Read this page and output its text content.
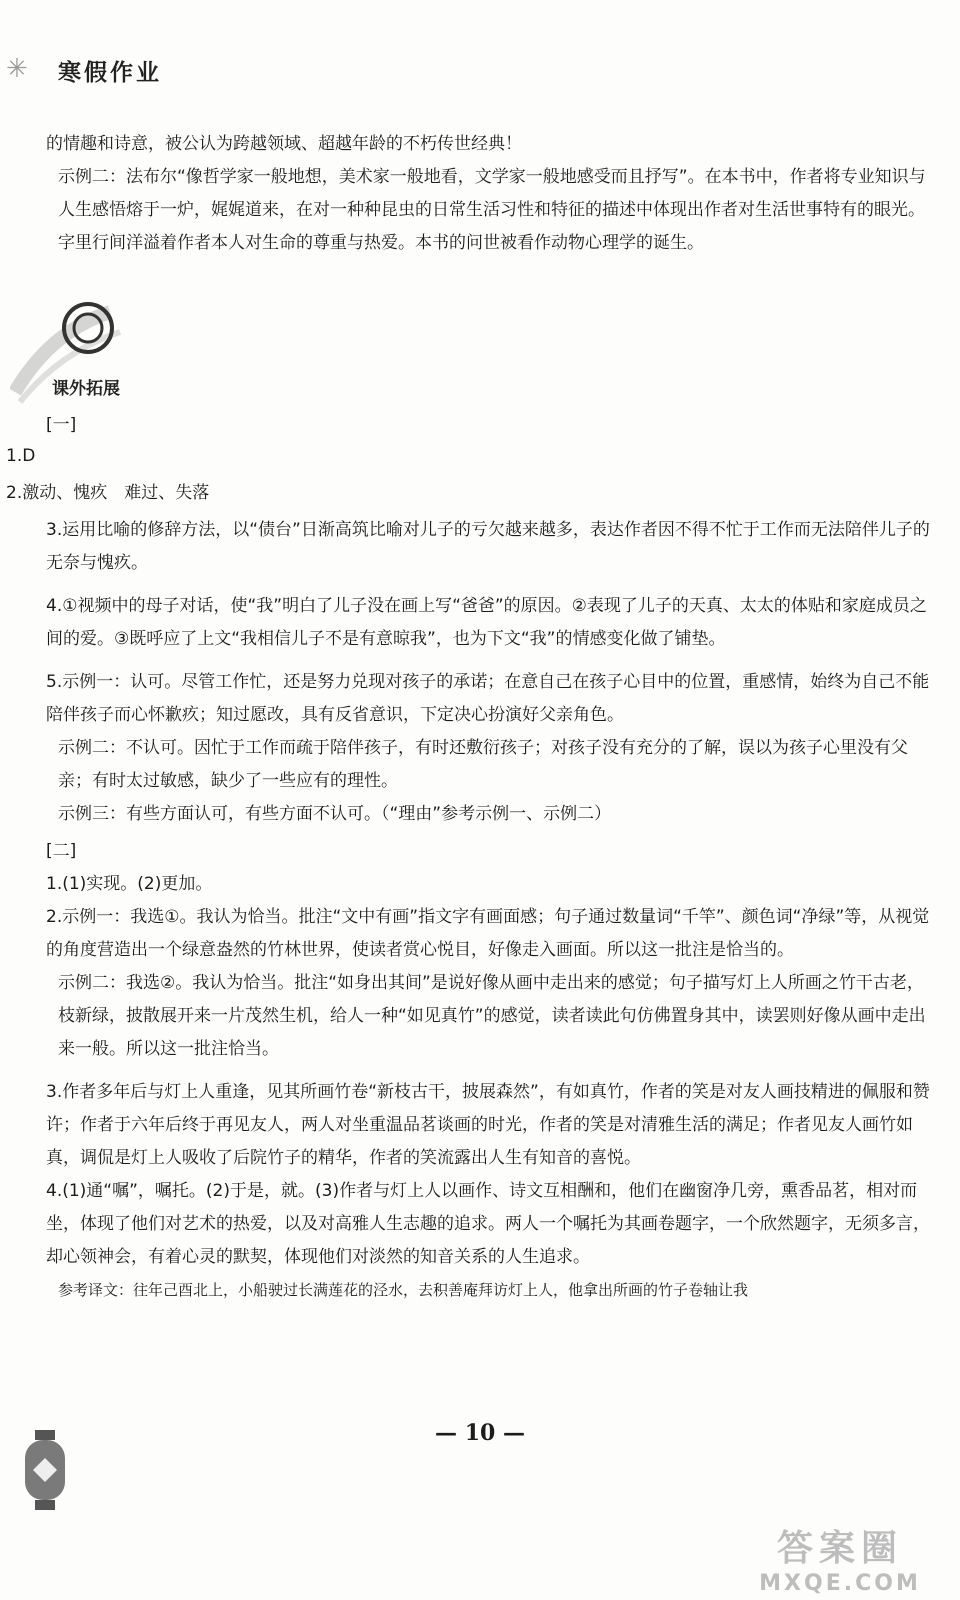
✳ 寒假作业

的情趣和诗意，被公认为跨越领域、超越年龄的不朽传世经典！

示例二：法布尔“像哲学家一般地想，美术家一般地看，文学家一般地感受而且抒写”。在本书中，作者将专业知识与人生感悟熔于一炉，娓娓道来，在对一种种昆虫的日常生活习性和特征的描述中体现出作者对生活世事特有的眼光。字里行间洋溢着作者本人对生命的尊重与热爱。本书的问世被看作动物心理学的诞生。

课外拓展
[一]
1.D
2.激动、愧疚　难过、失落

3.运用比喻的修辞方法，以“债台”日渐高筑比喻对儿子的亏欠越来越多，表达作者因不得不忙于工作而无法陪伴儿子的无奈与愧疚。

4.①视频中的母子对话，使“我”明白了儿子没在画上写“爸爸”的原因。②表现了儿子的天真、太太的体贴和家庭成员之间的爱。③既呼应了上文“我相信儿子不是有意晾我”，也为下文“我”的情感变化做了铺垫。

5.示例一：认可。尽管工作忙，还是努力兑现对孩子的承诺；在意自己在孩子心目中的位置，重感情，始终为自己不能陪伴孩子而心怀歉疚；知过愿改，具有反省意识，下定决心扮演好父亲角色。

示例二：不认可。因忙于工作而疏于陪伴孩子，有时还敷衍孩子；对孩子没有充分的了解，误以为孩子心里没有父亲；有时太过敏感，缺少了一些应有的理性。

示例三：有些方面认可，有些方面不认可。（“理由”参考示例一、示例二）

[二]

1.(1)实现。(2)更加。

2.示例一：我选①。我认为恰当。批注“文中有画”指文字有画面感；句子通过数量词“千竿”、颜色词“净绿”等，从视觉的角度营造出一个绿意盎然的竹林世界，使读者赏心悦目，好像走入画面。所以这一批注是恰当的。

示例二：我选②。我认为恰当。批注“如身出其间”是说好像从画中走出来的感觉；句子描写灯上人所画之竹干古老，枝新绿，披散展开来一片茂然生机，给人一种“如见真竹”的感觉，读者读此句仿佛置身其中，读罢则好像从画中走出来一般。所以这一批注恰当。

3.作者多年后与灯上人重逢，见其所画竹卷“新枝古干，披展森然”，有如真竹，作者的笑是对友人画技精进的佩服和赞许；作者于六年后终于再见友人，两人对坐重温品茗谈画的时光，作者的笑是对清雅生活的满足；作者见友人画竹如真，调侃是灯上人吸收了后院竹子的精华，作者的笑流露出人生有知音的喜悦。

4.(1)通“嘱”，嘱托。(2)于是，就。(3)作者与灯上人以画作、诗文互相酬和，他们在幽窗净几旁，熏香品茗，相对而坐，体现了他们对艺术的热爱，以及对高雅人生志趣的追求。两人一个嘱托为其画卷题字，一个欣然题字，无须多言，却心领神会，有着心灵的默契，体现他们对淡然的知音关系的人生追求。

参考译文：往年己酉北上，小船驶过长满莲花的泾水，去积善庵拜访灯上人，他拿出所画的竹子卷轴让我

— 10 —
答案圈
MXQE.COM
